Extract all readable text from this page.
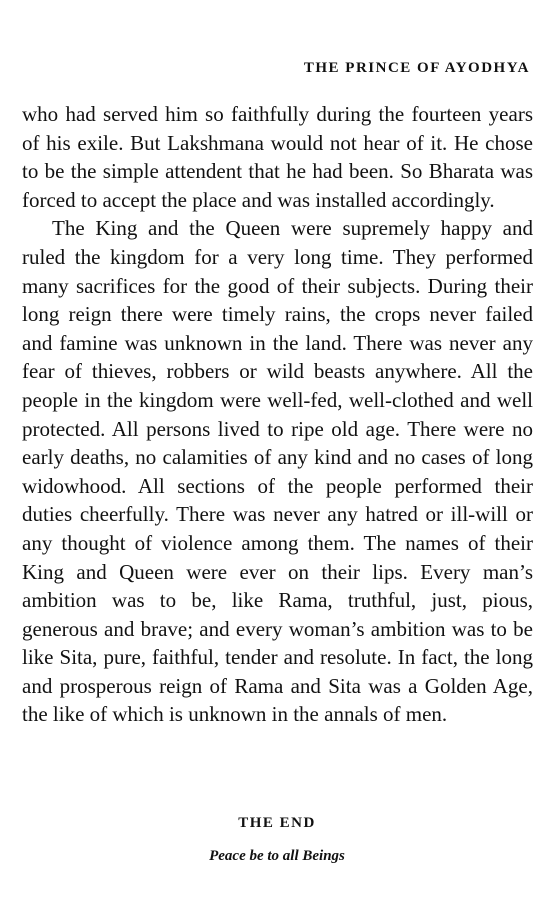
THE PRINCE OF AYODHYA

who had served him so faithfully during the fourteen years of his exile. But Lakshmana would not hear of it. He chose to be the simple attendent that he had been. So Bharata was forced to accept the place and was installed accordingly.

The King and the Queen were supremely happy and ruled the kingdom for a very long time. They performed many sacrifices for the good of their subjects. During their long reign there were timely rains, the crops never failed and famine was unknown in the land. There was never any fear of thieves, robbers or wild beasts anywhere. All the people in the kingdom were well-fed, well-clothed and well protected. All persons lived to ripe old age. There were no early deaths, no calamities of any kind and no cases of long widowhood. All sections of the people performed their duties cheerfully. There was never any hatred or ill-will or any thought of violence among them. The names of their King and Queen were ever on their lips. Every man’s ambition was to be, like Rama, truthful, just, pious, generous and brave; and every woman’s ambition was to be like Sita, pure, faithful, tender and resolute. In fact, the long and prosperous reign of Rama and Sita was a Golden Age, the like of which is unknown in the annals of men.

THE END
Peace be to all Beings
